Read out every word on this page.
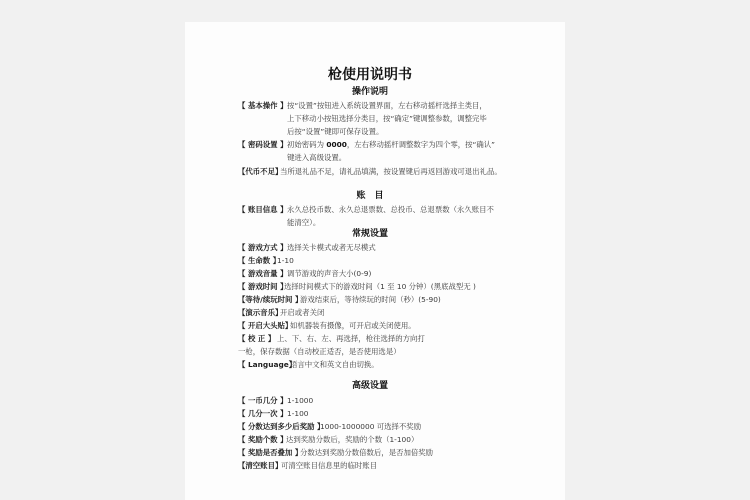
枪使用说明书
操作说明
【 基本操作 】 按“设置”按钮进入系统设置界面，左右移动摇杆选择主类目，
上下移动小按钮选择分类目，按“确定”键调整参数，调整完毕
后按“设置”键即可保存设置。
【 密码设置 】 初始密码为 0000，左右移动摇杆调整数字为四个零，按“确认”
键进入高级设置。
【代币不足】
当所退礼品不足，请礼品填满，按设置键后再返回游戏可退出礼品。
账　目
【 账目信息 】 永久总投币数、永久总退票数、总投币、总退票数（永久账目不
能清空）。
常规设置
【 游戏方式 】 选择关卡模式或者无尽模式
【 生命数 】
1-10
【 游戏音量 】 调节游戏的声音大小(0-9)
【 游戏时间 】
选择时间模式下的游戏时间（1 至 10 分钟）(黑底战型无 )
【等待/续玩时间 】
游戏结束后，等待续玩的时间（秒）(5-90)
【演示音乐】
开启或者关闭
【 开启大头贴】
如机器装有摄像，可开启或关闭使用。
【 校 正 】 上、下、右、左、再选择，枪往选择的方向打
一枪，保存数据（自动校正适否，是否使用选是）
【 Language】
语言中文和英文自由切换。
高级设置
【 一币几分 】 1-1000
【 几分一次 】 1-100
【 分数达到多少后奖励 】
1000-1000000 可选择不奖励
【 奖励个数 】
达到奖励分数后，奖励的个数（1-100）
【 奖励是否叠加 】
分数达到奖励分数倍数后，是否加倍奖励
【清空账目】
可清空账目信息里的临时账目
